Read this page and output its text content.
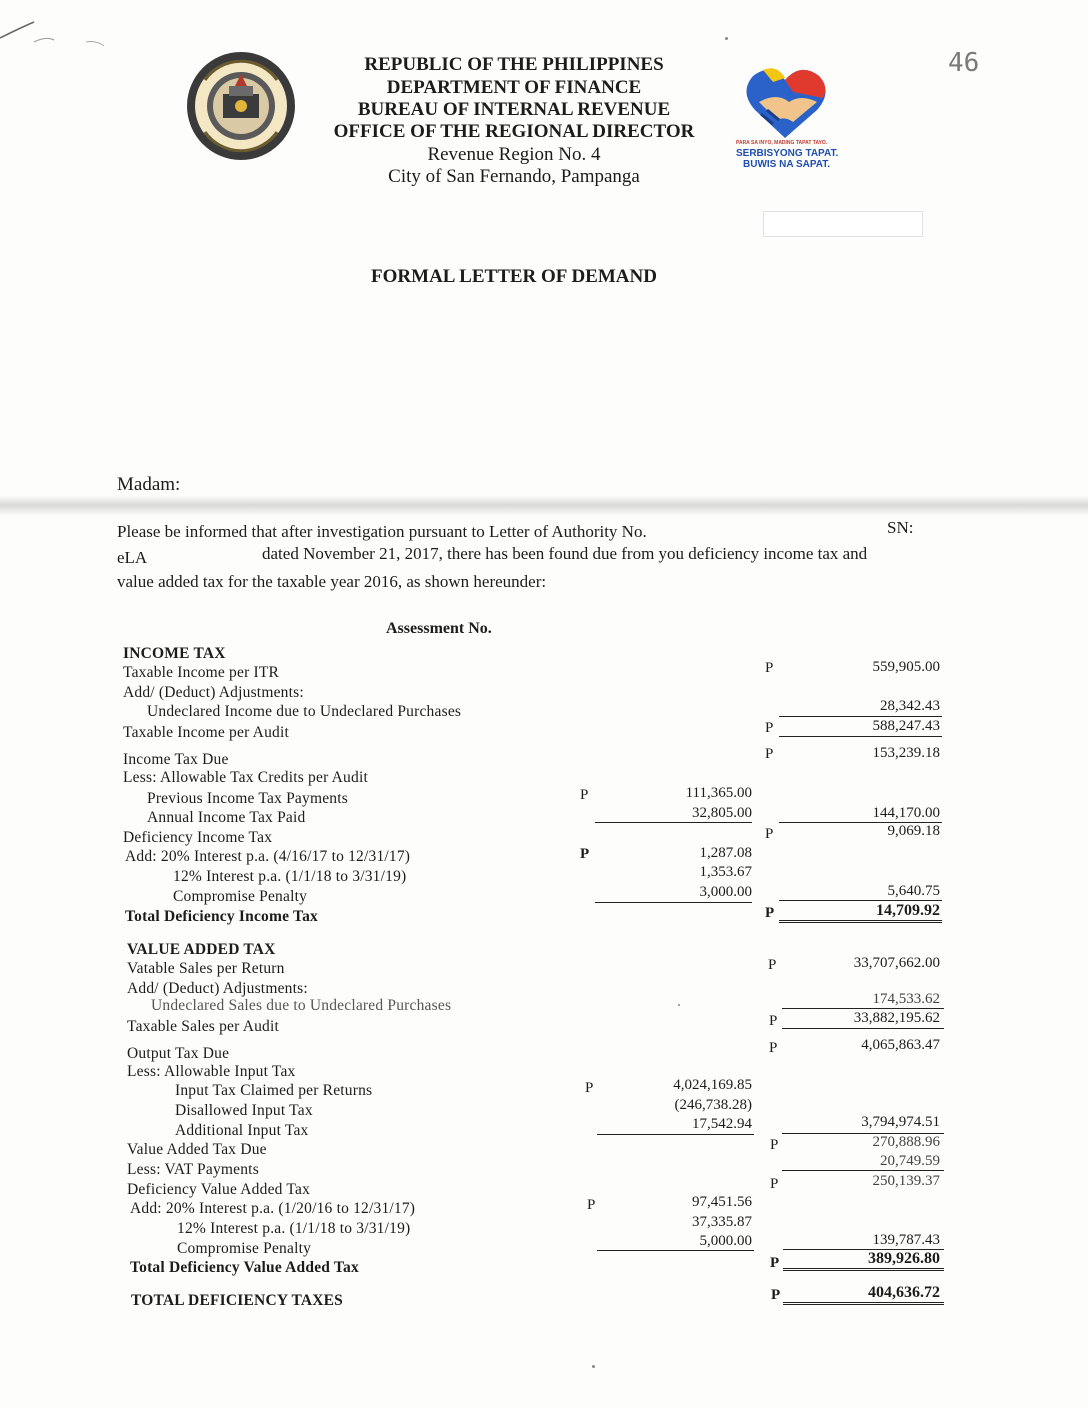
REPUBLIC OF THE PHILIPPINES
DEPARTMENT OF FINANCE
BUREAU OF INTERNAL REVENUE
OFFICE OF THE REGIONAL DIRECTOR
Revenue Region No. 4
City of San Fernando, Pampanga
PARA SA INYO, MADING TAPAT TAYO.
SERBISYONG TAPAT.
BUWIS NA SAPAT.
46
FORMAL LETTER OF DEMAND
Madam:
Please be informed that after investigation pursuant to Letter of Authority No.	SN:
eLA	dated November 21, 2017, there has been found due from you deficiency income tax and
value added tax for the taxable year 2016, as shown hereunder:
Assessment No.
INCOME TAX
Taxable Income per ITR	P	559,905.00
Add/ (Deduct) Adjustments:
Undeclared Income due to Undeclared Purchases	28,342.43
Taxable Income per Audit	P	588,247.43
Income Tax Due	P	153,239.18
Less: Allowable Tax Credits per Audit
Previous Income Tax Payments	P	111,365.00
Annual Income Tax Paid	32,805.00	144,170.00
Deficiency Income Tax	P	9,069.18
Add: 20% Interest p.a. (4/16/17 to 12/31/17)	P	1,287.08
12% Interest p.a. (1/1/18 to 3/31/19)	1,353.67
Compromise Penalty	3,000.00	5,640.75
Total Deficiency Income Tax	P	14,709.92
VALUE ADDED TAX
Vatable Sales per Return	P	33,707,662.00
Add/ (Deduct) Adjustments:
Undeclared Sales due to Undeclared Purchases	174,533.62
Taxable Sales per Audit	P	33,882,195.62
Output Tax Due	P	4,065,863.47
Less: Allowable Input Tax
Input Tax Claimed per Returns	P	4,024,169.85
Disallowed Input Tax	(246,738.28)
Additional Input Tax	17,542.94	3,794,974.51
Value Added Tax Due	P	270,888.96
Less: VAT Payments	20,749.59
Deficiency Value Added Tax	P	250,139.37
Add: 20% Interest p.a. (1/20/16 to 12/31/17)	P	97,451.56
12% Interest p.a. (1/1/18 to 3/31/19)	37,335.87
Compromise Penalty	5,000.00	139,787.43
Total Deficiency Value Added Tax	P	389,926.80
TOTAL DEFICIENCY TAXES	P	404,636.72
